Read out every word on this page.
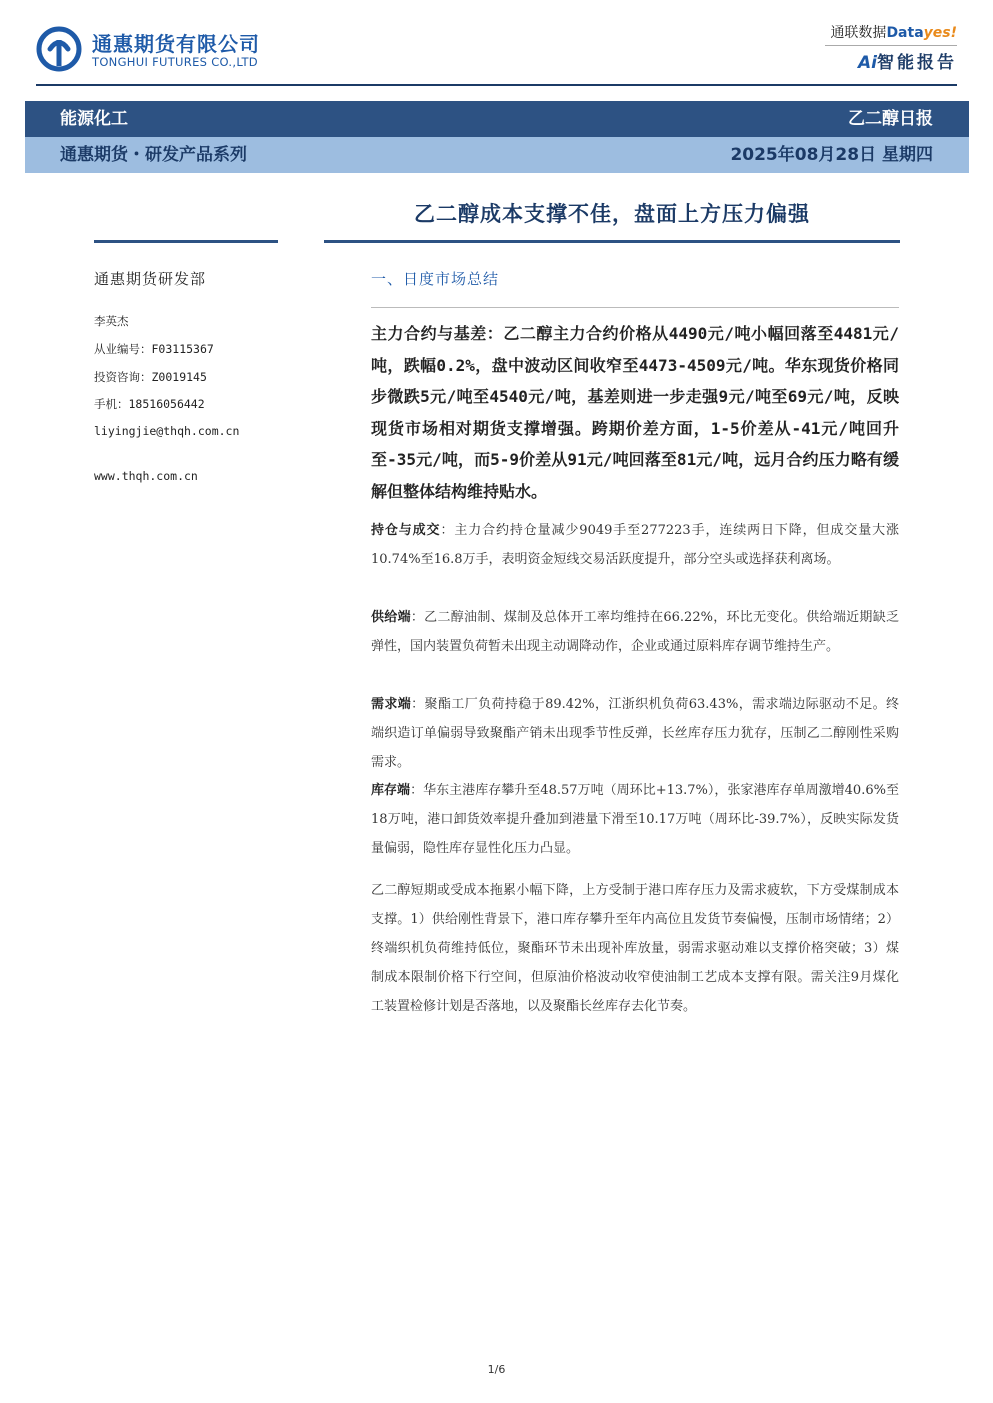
通惠期货有限公司
TONGHUI FUTURES CO.,LTD
通联数据Datayes!
Ai智能报告
能源化工	乙二醇日报
通惠期货・研发产品系列	2025年08月28日 星期四
乙二醇成本支撑不佳，盘面上方压力偏强
通惠期货研发部
李英杰
从业编号：F03115367
投资咨询：Z0019145
手机：18516056442
liyingjie@thqh.com.cn
www.thqh.com.cn
一、日度市场总结

主力合约与基差：乙二醇主力合约价格从4490元/吨小幅回落至4481元/吨，跌幅0.2%，盘中波动区间收窄至4473-4509元/吨。华东现货价格同步微跌5元/吨至4540元/吨，基差则进一步走强9元/吨至69元/吨，反映现货市场相对期货支撑增强。跨期价差方面，1-5价差从-41元/吨回升至-35元/吨，而5-9价差从91元/吨回落至81元/吨，远月合约压力略有缓解但整体结构维持贴水。

持仓与成交：主力合约持仓量减少9049手至277223手，连续两日下降，但成交量大涨10.74%至16.8万手，表明资金短线交易活跃度提升，部分空头或选择获利离场。

供给端：乙二醇油制、煤制及总体开工率均维持在66.22%，环比无变化。供给端近期缺乏弹性，国内装置负荷暂未出现主动调降动作，企业或通过原料库存调节维持生产。

需求端：聚酯工厂负荷持稳于89.42%，江浙织机负荷63.43%，需求端边际驱动不足。终端织造订单偏弱导致聚酯产销未出现季节性反弹，长丝库存压力犹存，压制乙二醇刚性采购需求。

库存端：华东主港库存攀升至48.57万吨（周环比+13.7%），张家港库存单周激增40.6%至18万吨，港口卸货效率提升叠加到港量下滑至10.17万吨（周环比-39.7%），反映实际发货量偏弱，隐性库存显性化压力凸显。

乙二醇短期或受成本拖累小幅下降，上方受制于港口库存压力及需求疲软，下方受煤制成本支撑。1）供给刚性背景下，港口库存攀升至年内高位且发货节奏偏慢，压制市场情绪；2）终端织机负荷维持低位，聚酯环节未出现补库放量，弱需求驱动难以支撑价格突破；3）煤制成本限制价格下行空间，但原油价格波动收窄使油制工艺成本支撑有限。需关注9月煤化工装置检修计划是否落地，以及聚酯长丝库存去化节奏。

1/6
